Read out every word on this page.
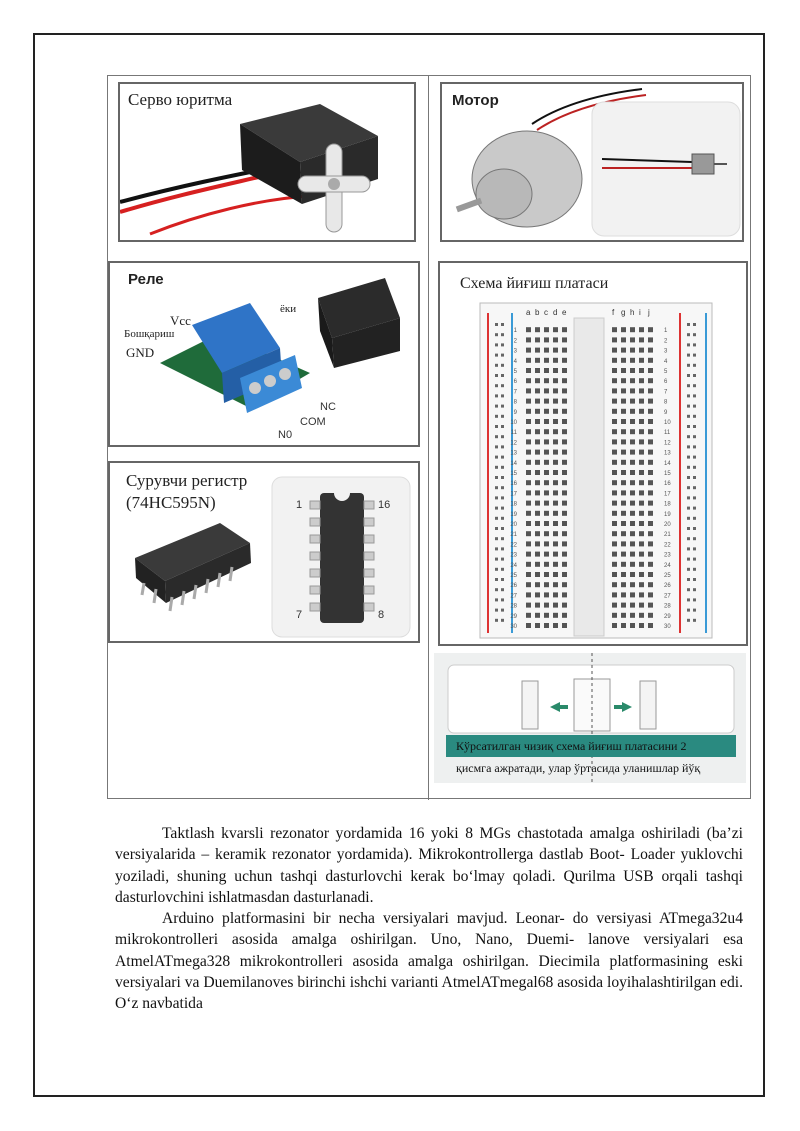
Серво юритма	Мотор
Реле
Vcc
Бошқариш
GND
ёки
NC
COM
N0
Сурувчи регистр
(74HC595N)	1	16
7	8
Схема йиғиш платаси
a b c d e	f g h i j
1	1
2	2
3	3
4	4
5	5
6	6
7	7
8	8
9	9
10	10
11	11
12	12
13	13
14	14
15	15
16	16
17	17
18	18
19	19
20	20
21	21
22	22
23	23
24	24
25	25
26	26
27	27
28	28
29	29
30	30
Кўрсатилган чизиқ схема йиғиш платасини 2
қисмга ажратади, улар ўртасида уланишлар йўқ

Taktlash kvarsli rezonator yordamida 16 yoki 8 MGs chastotada amalga oshiriladi (ba’zi versiyalarida – keramik rezonator yordamida). Mikrokontrollerga dastlab Boot- Loader yuklovchi yoziladi, shuning uchun tashqi dasturlovchi kerak bo‘lmay qoladi. Qurilma USB orqali tashqi dasturlovchini ishlatmasdan dasturlanadi.

Arduino platformasini bir necha versiyalari mavjud. Leonar- do versiyasi ATmega32u4 mikrokontrolleri asosida amalga oshirilgan. Uno, Nano, Duemi- lanove versiyalari esa AtmelATmega328 mikrokontrolleri asosida amalga oshirilgan. Diecimila platformasining eski versiyalari va Duemilanoves birinchi ishchi varianti AtmelATmegal68 asosida loyihalashtirilgan edi. O‘z navbatida
